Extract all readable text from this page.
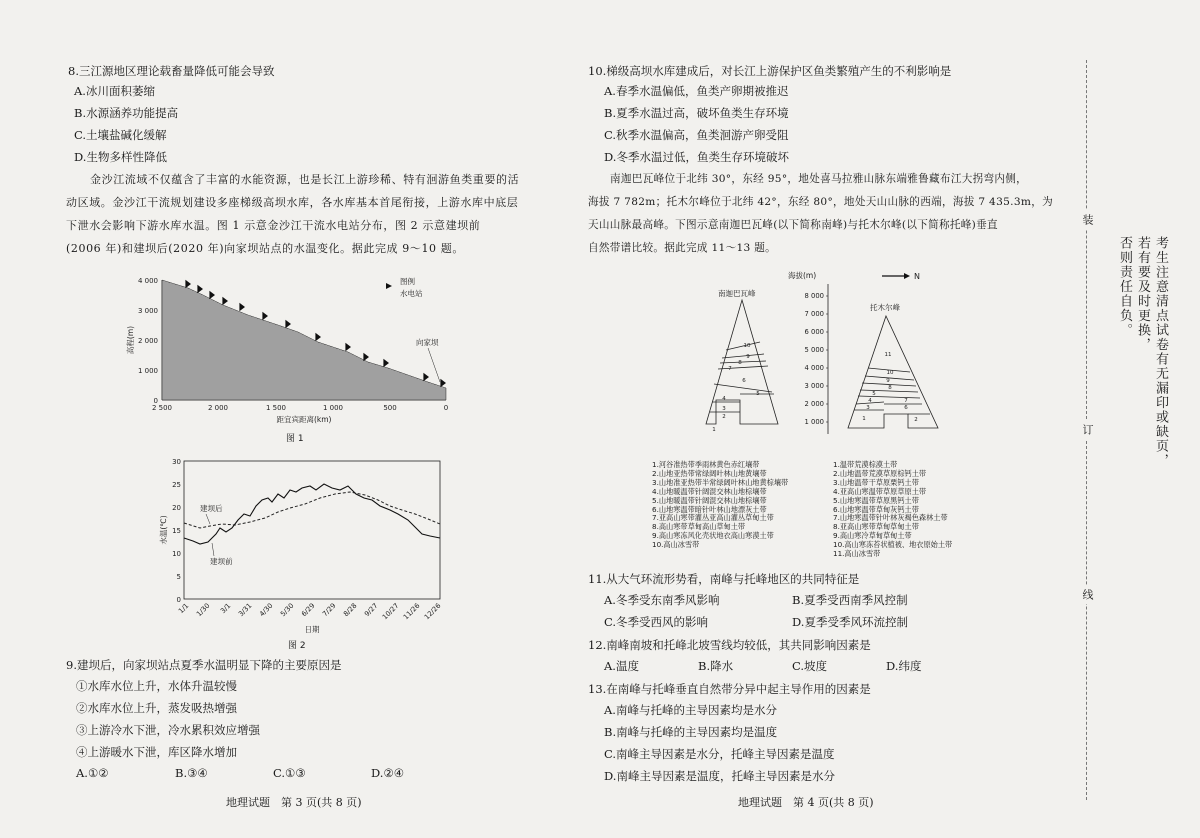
8.三江源地区理论载畜量降低可能会导致
A.冰川面积萎缩
B.水源涵养功能提高
C.土壤盐碱化缓解
D.生物多样性降低
金沙江流域不仅蕴含了丰富的水能资源，也是长江上游珍稀、特有洄游鱼类重要的活
动区域。金沙江干流规划建设多座梯级高坝水库，各水库基本首尾衔接，上游水库中底层
下泄水会影响下游水库水温。图 1 示意金沙江干流水电站分布，图 2 示意建坝前
(2006 年)和建坝后(2020 年)向家坝站点的水温变化。据此完成 9～10 题。
4 000
3 000
2 000
1 000
0
高程(m)
2 500	2 000	1 500	1 000	500	0
距宜宾距离(km)
图例
水电站
向家坝
图 1
30
25
20
15
10
5
0
水温(℃)
1/1 1/30 3/1 3/31 4/30 5/30 6/29 7/29 8/28 9/27 10/27 11/26 12/26
日期
建坝后
建坝前
图 2
9.建坝后，向家坝站点夏季水温明显下降的主要原因是
①水库水位上升，水体升温较慢
②水库水位上升，蒸发吸热增强
③上游冷水下泄，冷水累积效应增强
④上游暖水下泄，库区降水增加
A.①②	B.③④	C.①③	D.②④
地理试题　第 3 页(共 8 页)
10.梯级高坝水库建成后，对长江上游保护区鱼类繁殖产生的不利影响是
A.春季水温偏低，鱼类产卵期被推迟
B.夏季水温过高，破坏鱼类生存环境
C.秋季水温偏高，鱼类洄游产卵受阻
D.冬季水温过低，鱼类生存环境破坏
南迦巴瓦峰位于北纬 30°，东经 95°，地处喜马拉雅山脉东端雅鲁藏布江大拐弯内侧，
海拔 7 782m；托木尔峰位于北纬 42°，东经 80°，地处天山山脉的西端，海拔 7 435.3m，为
天山山脉最高峰。下图示意南迦巴瓦峰(以下简称南峰)与托木尔峰(以下简称托峰)垂直
自然带谱比较。据此完成 11～13 题。
海拔(m)
8 000
7 000
6 000
5 000
4 000
3 000
2 000
1 000
N
南迦巴瓦峰
10
9
8
7
6
5
4
3
2
1
托木尔峰
11
10
9
8
7
6
5
4
3
2
1
1.河谷准热带季雨林黄色赤红壤带
2.山地亚热带常绿阔叶林山地黄壤带
3.山地准亚热带半常绿阔叶林山地黄棕壤带
4.山地暖温带针阔混交林山地棕壤带
5.山地暖温带针阔混交林山地棕壤带
6.山地寒温带暗针叶林山地漂灰土带
7.亚高山寒带灌丛亚高山灌丛草甸土带
8.高山寒带草甸高山草甸土带
9.高山寒冻风化壳状地衣高山寒漠土带
10.高山冰雪带
1.温带荒漠棕漠土带
2.山地温带荒漠草原棕钙土带
3.山地温带干草原栗钙土带
4.亚高山寒温带草原草原土带
5.山地寒温带草原黑钙土带
6.山地寒温带草甸灰钙土带
7.山地寒温带针叶林灰褐色森林土带
8.亚高山寒带草甸草甸土带
9.高山寒冷草甸草甸土带
10.高山寒冻苔状植被、地衣原始土带
11.高山冰雪带
11.从大气环流形势看，南峰与托峰地区的共同特征是
A.冬季受东南季风影响	B.夏季受西南季风控制
C.冬季受西风的影响	D.夏季受季风环流控制
12.南峰南坡和托峰北坡雪线均较低，其共同影响因素是
A.温度	B.降水	C.坡度	D.纬度
13.在南峰与托峰垂直自然带分异中起主导作用的因素是
A.南峰与托峰的主导因素均是水分
B.南峰与托峰的主导因素均是温度
C.南峰主导因素是水分，托峰主导因素是温度
D.南峰主导因素是温度，托峰主导因素是水分
地理试题　第 4 页(共 8 页)
装
订
线
考生注意清点试卷有无漏印或缺页，
若有要及时更换，
否则责任自负。
